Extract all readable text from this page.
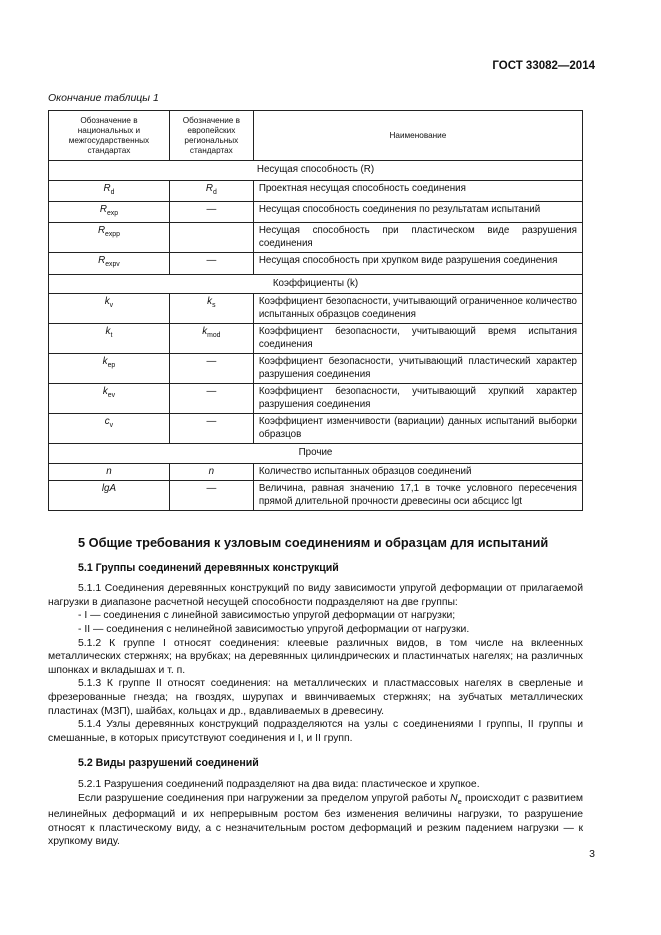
ГОСТ 33082—2014
Окончание таблицы 1
Обозначение в национальных и межгосударственных стандартах	Обозначение в европейских региональных стандартах	Наименование
Несущая способность (R)		
$R_d$	$R_d$	Проектная несущая способность соединения
$R_{exp}$	—	Несущая способность соединения по результатам испытаний
$R_{expp}$		Несущая способность при пластическом виде разрушения соединения
$R_{expv}$	—	Несущая способность при хрупком виде разрушения соединения
Коэффициенты (k)		
$k_v$	$k_s$	Коэффициент безопасности, учитывающий ограниченное количество испытанных образцов соединения
$k_t$	$k_{mod}$	Коэффициент безопасности, учитывающий время испытания соединения
$k_{ep}$	—	Коэффициент безопасности, учитывающий пластический характер разрушения соединения
$k_{ev}$	—	Коэффициент безопасности, учитывающий хрупкий характер разрушения соединения
$c_v$	—	Коэффициент изменчивости (вариации) данных испытаний выборки образцов
Прочие		
n	n	Количество испытанных образцов соединений
lgA	—	Величина, равная значению 17,1 в точке условного пересечения прямой длительной прочности древесины оси абсцисс lgt
5 Общие требования к узловым соединениям и образцам для испытаний
5.1 Группы соединений деревянных конструкций

5.1.1 Соединения деревянных конструкций по виду зависимости упругой деформации от прилагаемой нагрузки в диапазоне расчетной несущей способности подразделяют на две группы:

- I — соединения с линейной зависимостью упругой деформации от нагрузки;

- II — соединения с нелинейной зависимостью упругой деформации от нагрузки.

5.1.2 К группе I относят соединения: клеевые различных видов, в том числе на вклеенных металлических стержнях; на врубках; на деревянных цилиндрических и пластинчатых нагелях; на различных шпонках и вкладышах и т. п.

5.1.3 К группе II относят соединения: на металлических и пластмассовых нагелях в сверленые и фрезерованные гнезда; на гвоздях, шурупах и ввинчиваемых стержнях; на зубчатых металлических пластинах (МЗП), шайбах, кольцах и др., вдавливаемых в древесину.

5.1.4 Узлы деревянных конструкций подразделяются на узлы с соединениями I группы, II группы и смешанные, в которых присутствуют соединения и I, и II групп.

5.2 Виды разрушений соединений

5.2.1 Разрушения соединений подразделяют на два вида: пластическое и хрупкое.

Если разрушение соединения при нагружении за пределом упругой работы $N_e$ происходит с развитием нелинейных деформаций и их непрерывным ростом без изменения величины нагрузки, то разрушение относят к пластическому виду, а с незначительным ростом деформаций и резким падением нагрузки — к хрупкому виду.

3
